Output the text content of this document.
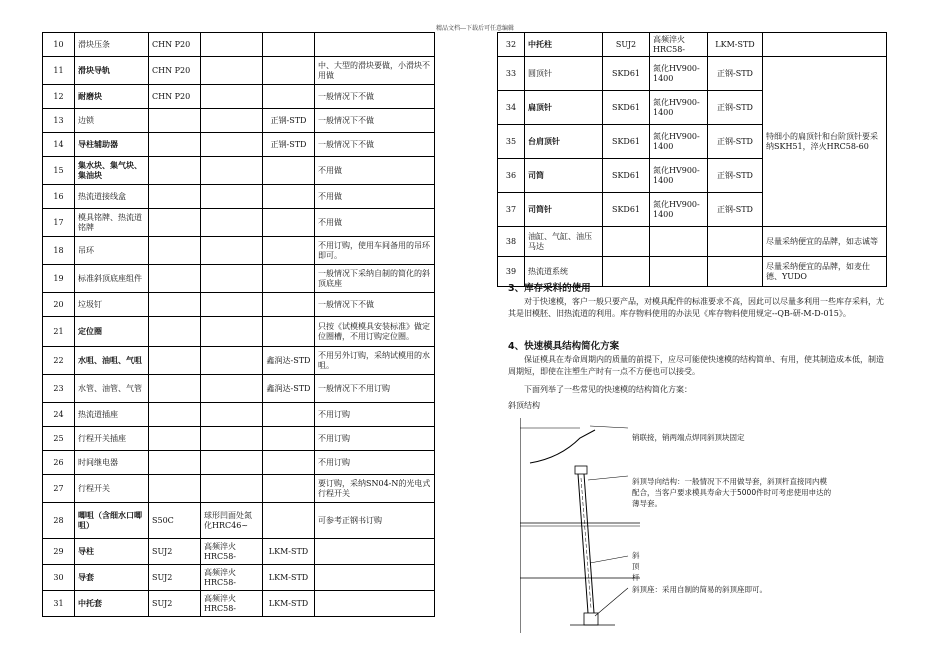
精品文档---下载后可任意编辑
10	滑块压条	CHN P20			
11	滑块导轨	CHN P20			中、大型的滑块要做，小滑块不用做
12	耐磨块	CHN P20			一般情况下不做
13	边锁			正钢-STD	一般情况下不做
14	导柱辅助器			正钢-STD	一般情况下不做
15	集水块、集气块、集油块				不用做
16	热流道接线盒				不用做
17	模具铭牌、热流道铭牌				不用做
18	吊环				不用订购，使用车间备用的吊环即可。
19	标准斜顶底座组件				一般情况下采纳自制的简化的斜顶底座
20	垃圾钉				一般情况下不做
21	定位圈				只按《试模模具安装标准》做定位圈槽，不用订购定位圈。
22	水咀、油咀、气咀			鑫润达-STD	不用另外订购，采纳试模用的水咀。
23	水管、油管、气管			鑫润达-STD	一般情况下不用订购
24	热流道插座				不用订购
25	行程开关插座				不用订购
26	时间继电器				不用订购
27	行程开关				要订购，采纳SN04-N的光电式行程开关
28	唧咀（含细水口唧咀）	S50C	球形凹面处氮化HRC46~		可参考正钢书订购
29	导柱	SUJ2	高频淬火HRC58-	LKM-STD	
30	导套	SUJ2	高频淬火HRC58-	LKM-STD	
31	中托套	SUJ2	高频淬火HRC58-	LKM-STD	
32	中托柱	SUJ2	高频淬火HRC58-	LKM-STD	
33	圆顶针	SKD61	氮化HV900-1400	正钢-STD	特细小的扁顶针和台阶顶针要采纳SKH51，淬火HRC58-60
34	扁顶针	SKD61	氮化HV900-1400	正钢-STD	
35	台肩顶针	SKD61	氮化HV900-1400	正钢-STD	
36	司筒	SKD61	氮化HV900-1400	正钢-STD	
37	司筒针	SKD61	氮化HV900-1400	正钢-STD	
38	油缸、气缸、油压马达				尽量采纳便宜的品牌，如志诚等
39	热流道系统				尽量采纳便宜的品牌，如麦仕德、YUDO
3、库存采料的使用
对于快速模，客户一般只要产品，对模具配件的标准要求不高，因此可以尽量多利用一些库存采料，尤其是旧模胚、旧热流道的利用。库存物料使用的办法见《库存物料使用规定--QB-研-M-D-015》。
4、快速模具结构简化方案
保证模具在寿命周期内的质量的前提下，应尽可能使快速模的结构简单、有用，使其制造成本低，制造周期短，即使在注塑生产时有一点不方便也可以接受。
下面列举了一些常见的快速模的结构简化方案：
斜顶结构
销联接，销两端点焊同斜顶块固定
斜顶导向结构：一般情况下不用做导套，斜顶杆直接同内模配合，当客户要求模具寿命大于5000件时可考虑使用申达的薄导套。
斜顶杆
斜顶座：采用自制的简易的斜顶座即可。
